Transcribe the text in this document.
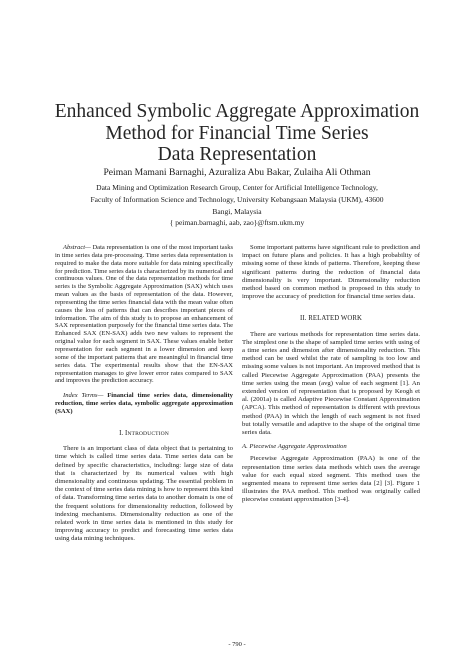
Enhanced Symbolic Aggregate Approximation
Method for Financial Time Series
Data Representation
Peiman Mamani Barnaghi, Azuraliza Abu Bakar, Zulaiha Ali Othman
Data Mining and Optimization Research Group, Center for Artificial Intelligence Technology,
Faculty of Information Science and Technology, University Kebangsaan Malaysia (UKM), 43600
Bangi, Malaysia
{ peiman.barnaghi, aab, zao}@ftsm.ukm.my

Abstract— Data representation is one of the most important tasks in time series data pre-processing. Time series data representation is required to make the data more suitable for data mining specifically for prediction. Time series data is characterized by its numerical and continuous values. One of the data representation methods for time series is the Symbolic Aggregate Approximation (SAX) which uses mean values as the basis of representation of the data. However, representing the time series financial data with the mean value often causes the loss of patterns that can describes important pieces of information. The aim of this study is to propose an enhancement of SAX representation purposely for the financial time series data. The Enhanced SAX (EN-SAX) adds two new values to represent the original value for each segment in SAX. These values enable better representation for each segment in a lower dimension and keep some of the important patterns that are meaningful in financial time series data. The experimental results show that the EN-SAX representation manages to give lower error rates compared to SAX and improves the prediction accuracy.

Index Terms— Financial time series data, dimensionality reduction, time series data, symbolic aggregate approximation (SAX)

I. INTRODUCTION

There is an important class of data object that is pertaining to time which is called time series data. Time series data can be defined by specific characteristics, including: large size of data that is characterized by its numerical values with high dimensionality and continuous updating. The essential problem in the context of time series data mining is how to represent this kind of data. Transforming time series data to another domain is one of the frequent solutions for dimensionality reduction, followed by indexing mechanisms. Dimensionality reduction as one of the related work in time series data is mentioned in this study for improving accuracy to predict and forecasting time series data using data mining techniques.

Some important patterns have significant rule to prediction and impact on future plans and policies. It has a high probability of missing some of these kinds of patterns. Therefore, keeping these significant patterns during the reduction of financial data dimensionality is very important. Dimensionality reduction method based on common method is proposed in this study to improve the accuracy of prediction for financial time series data.

II. RELATED WORK

There are various methods for representation time series data. The simplest one is the shape of sampled time series with using of a time series and dimension after dimensionality reduction. This method can be used whilst the rate of sampling is too low and missing some values is not important. An improved method that is called Piecewise Aggregate Approximation (PAA) presents the time series using the mean (avg) value of each segment [1]. An extended version of representation that is proposed by Keogh et al. (2001a) is called Adaptive Piecewise Constant Approximation (APCA). This method of representation is different with previous method (PAA) in which the length of each segment is not fixed but totally versatile and adaptive to the shape of the original time series data.

A. Piecewise Aggregate Approximation

Piecewise Aggregate Approximation (PAA) is one of the representation time series data methods which uses the average value for each equal sized segment. This method uses the segmented means to represent time series data [2] [3]. Figure 1 illustrates the PAA method. This method was originally called piecewise constant approximation [3-4].

- 790 -
